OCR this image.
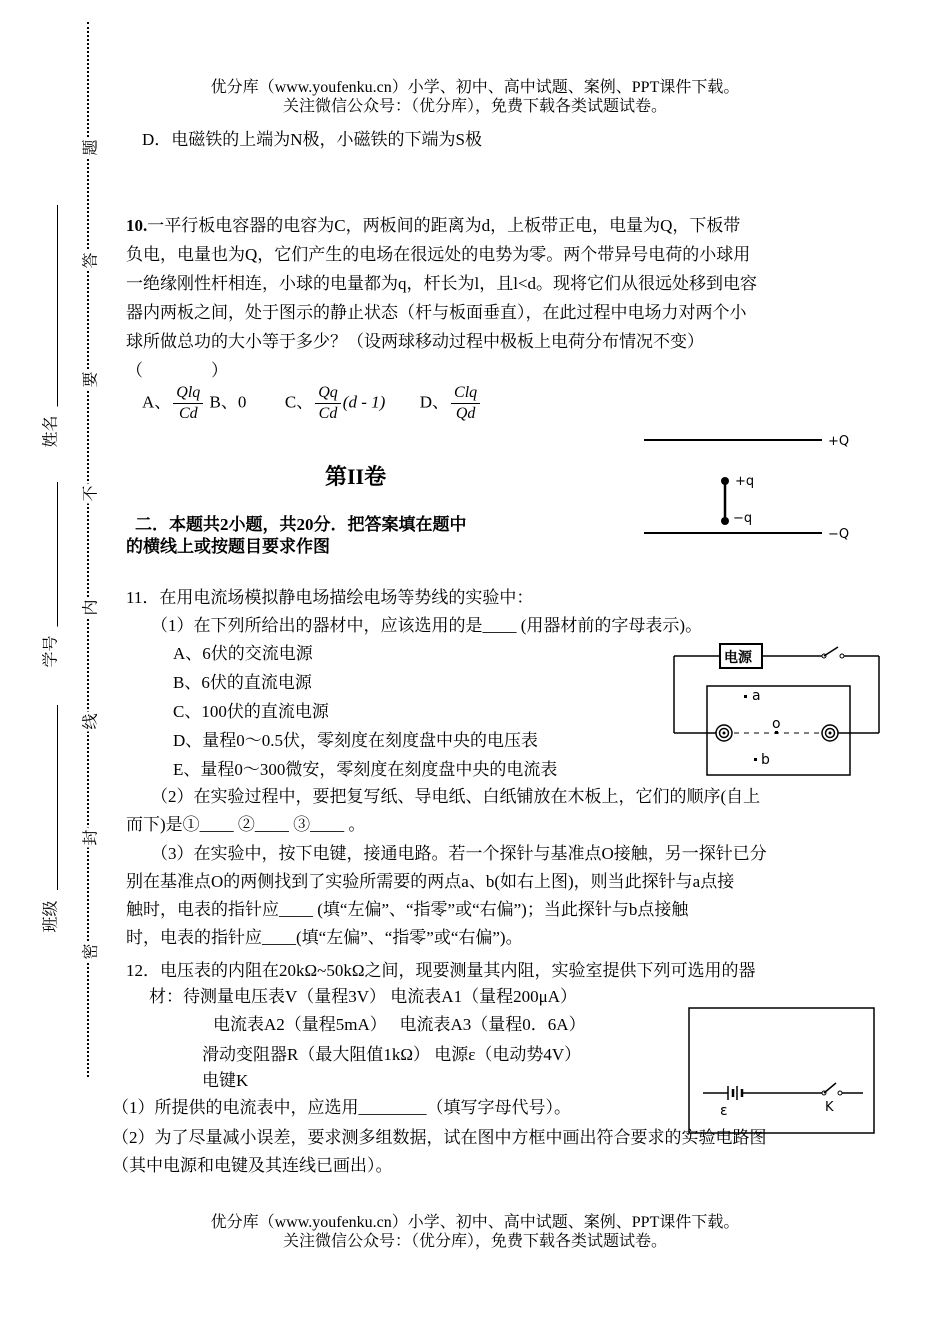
优分库（www.youfenku.cn）小学、初中、高中试题、案例、PPT课件下载。
关注微信公众号：（优分库），免费下载各类试题试卷。
题
答
要
不
内
线
封
密
姓名
学号
班级
D．电磁铁的上端为N极，小磁铁的下端为S极
10.一平行板电容器的电容为C，两板间的距离为d，上板带正电，电量为Q，下板带
负电，电量也为Q，它们产生的电场在很远处的电势为零。两个带异号电荷的小球用
一绝缘刚性杆相连，小球的电量都为q，杆长为l，且l<d。现将它们从很远处移到电容
器内两板之间，处于图示的静止状态（杆与板面垂直），在此过程中电场力对两个小
球所做总功的大小等于多少？（设两球移动过程中极板上电荷分布情况不变）
（　　　　）
A、 $\frac{\text{Qlq}}{Cd}$ B、0 C、 $\frac{Qq}{Cd} (d - 1)$ D、 $\frac{\text{Clq}}{Qd}$
+Q
−Q
+q
−q
第II卷
二．本题共2小题，共20分．把答案填在题中
的横线上或按题目要求作图
11．在用电流场模拟静电场描绘电场等势线的实验中：
（1）在下列所给出的器材中，应该选用的是____ (用器材前的字母表示)。
A、6伏的交流电源
B、6伏的直流电源
C、100伏的直流电源
D、量程0～0.5伏，零刻度在刻度盘中央的电压表
E、量程0～300微安，零刻度在刻度盘中央的电流表
电源
a
o
b
（2）在实验过程中，要把复写纸、导电纸、白纸铺放在木板上，它们的顺序(自上
而下)是①____ ②____ ③____ 。
（3）在实验中，按下电键，接通电路。若一个探针与基准点O接触，另一探针已分
别在基准点O的两侧找到了实验所需要的两点a、b(如右上图)，则当此探针与a点接
触时，电表的指针应____ (填“左偏”、“指零”或“右偏”)；当此探针与b点接触
时，电表的指针应____(填“左偏”、“指零”或“右偏”)。
12．电压表的内阻在20kΩ~50kΩ之间，现要测量其内阻，实验室提供下列可选用的器
材：待测量电压表V（量程3V） 电流表A1（量程200μA）
电流表A2（量程5mA）　 电流表A3（量程0．6A）
滑动变阻器R（最大阻值1kΩ） 电源ε（电动势4V）
电键K
（1）所提供的电流表中，应选用________（填写字母代号）。	ε	K
（2）为了尽量减小误差，要求测多组数据，试在图中方框中画出符合要求的实验电路图
（其中电源和电键及其连线已画出）。
优分库（www.youfenku.cn）小学、初中、高中试题、案例、PPT课件下载。
关注微信公众号：（优分库），免费下载各类试题试卷。
